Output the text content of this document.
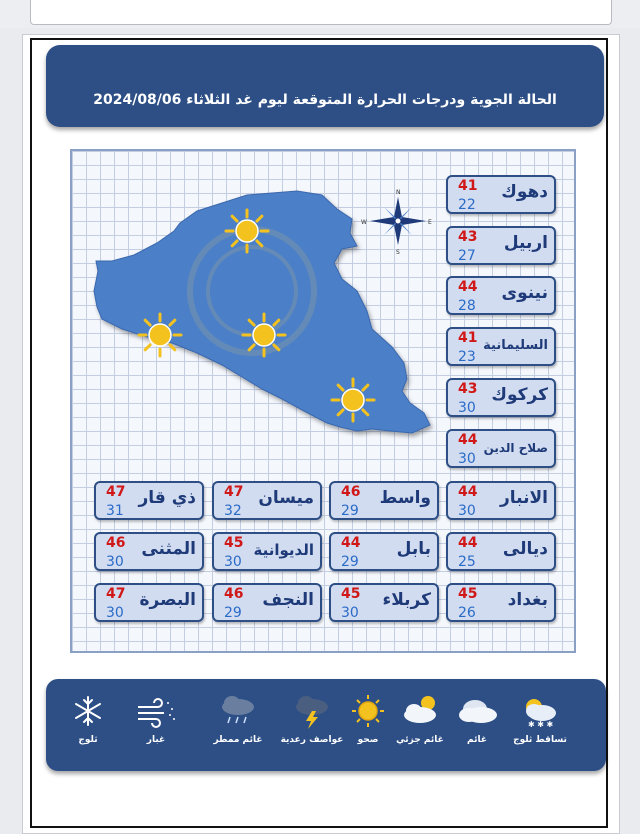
الحالة الجوية ودرجات الحرارة المتوقعة ليوم غد الثلاثاء 2024/08/06
N
E
S
W
دهوك
41
22
اربيل
43
27
نينوى
44
28
السليمانية
41
23
كركوك
43
30
صلاح الدين
44
30
الانبار
44
30
واسط
46
29
ميسان
47
32
ذي قار
47
31
ديالى
44
25
بابل
44
29
الديوانية
45
30
المثنى
46
30
بغداد
45
26
كربلاء
45
30
النجف
46
29
البصرة
47
30
✱ ✱ ✱
تساقط ثلوج
غائم
غائم جزئي
صحو
عواصف رعدية
غائم ممطر
غبار
ثلوج
